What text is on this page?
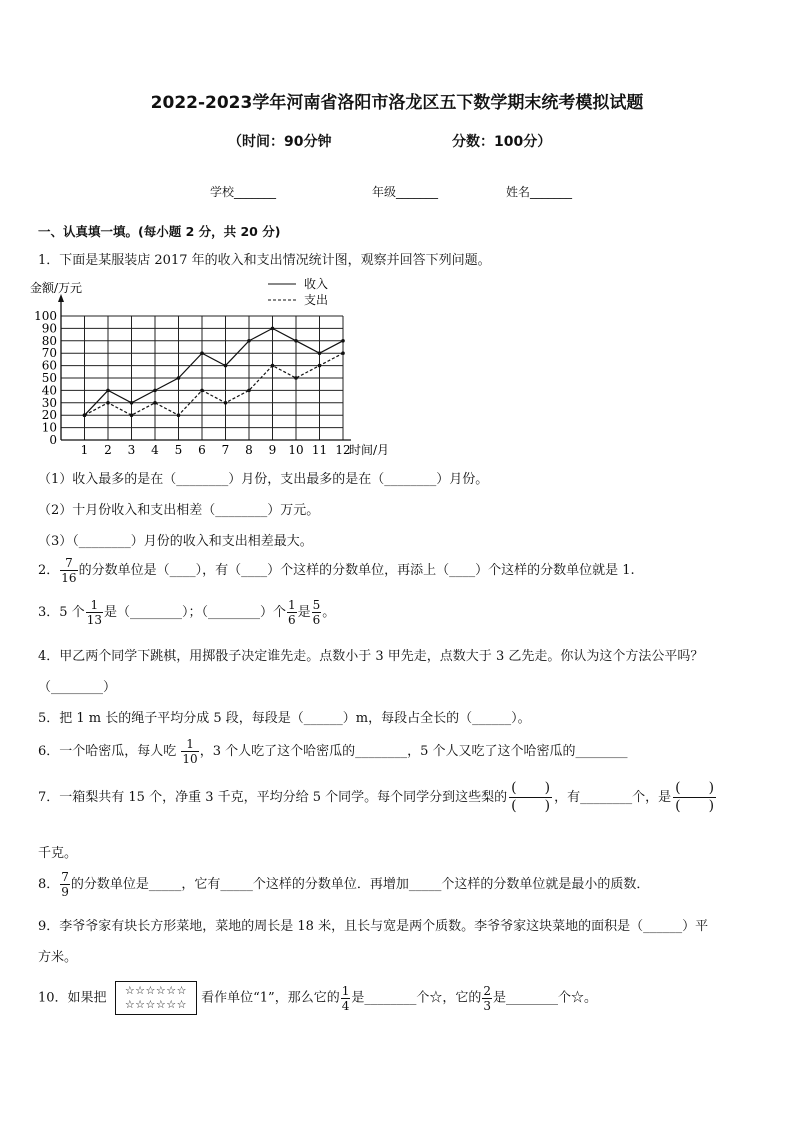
2022-2023学年河南省洛阳市洛龙区五下数学期末统考模拟试题
（时间：90分钟	分数：100分）
学校_______	年级_______	姓名_______
一、认真填一填。(每小题 2 分，共 20 分)
1．下面是某服装店 2017 年的收入和支出情况统计图，观察并回答下列问题。
0
10
20
30
40
50
60
70
80
90
100
1 2 3 4 5 6 7 8 9 10 11 12
金额/万元
时间/月
收入
支出
（1）收入最多的是在（________）月份，支出最多的是在（________）月份。
（2）十月份收入和支出相差（________）万元。
（3）（________）月份的收入和支出相差最大。
2． $\frac{7}{16}$ 的分数单位是（____），有（____）个这样的分数单位，再添上（____）个这样的分数单位就是 1.
3．5 个 $\frac{1}{13}$ 是（________）；（________）个 $\frac{1}{6}$ 是 $\frac{5}{6}$ 。
4．甲乙两个同学下跳棋，用掷骰子决定谁先走。点数小于 3 甲先走，点数大于 3 乙先走。你认为这个方法公平吗？
（________）
5．把 1 m 长的绳子平均分成 5 段，每段是（______）m，每段占全长的（______）。
6．一个哈密瓜，每人吃 $\frac{1}{10}$ ，3 个人吃了这个哈密瓜的________，5 个人又吃了这个哈密瓜的________
7．一箱梨共有 15 个，净重 3 千克，平均分给 5 个同学。每个同学分到这些梨的
(　　)
(　　)
，有________个，是
(　　)
(　　)
千克。
8． $\frac{7}{9}$ 的分数单位是_____，它有_____个这样的分数单位．再增加_____个这样的分数单位就是最小的质数．
9．李爷爷家有块长方形菜地，菜地的周长是 18 米，且长与宽是两个质数。李爷爷家这块菜地的面积是（______）平
方米。
10．如果把 ☆☆☆☆☆☆
☆☆☆☆☆☆ 看作单位“1”，那么它的 $\frac{1}{4}$ 是________个☆，它的 $\frac{2}{3}$ 是________个☆。
